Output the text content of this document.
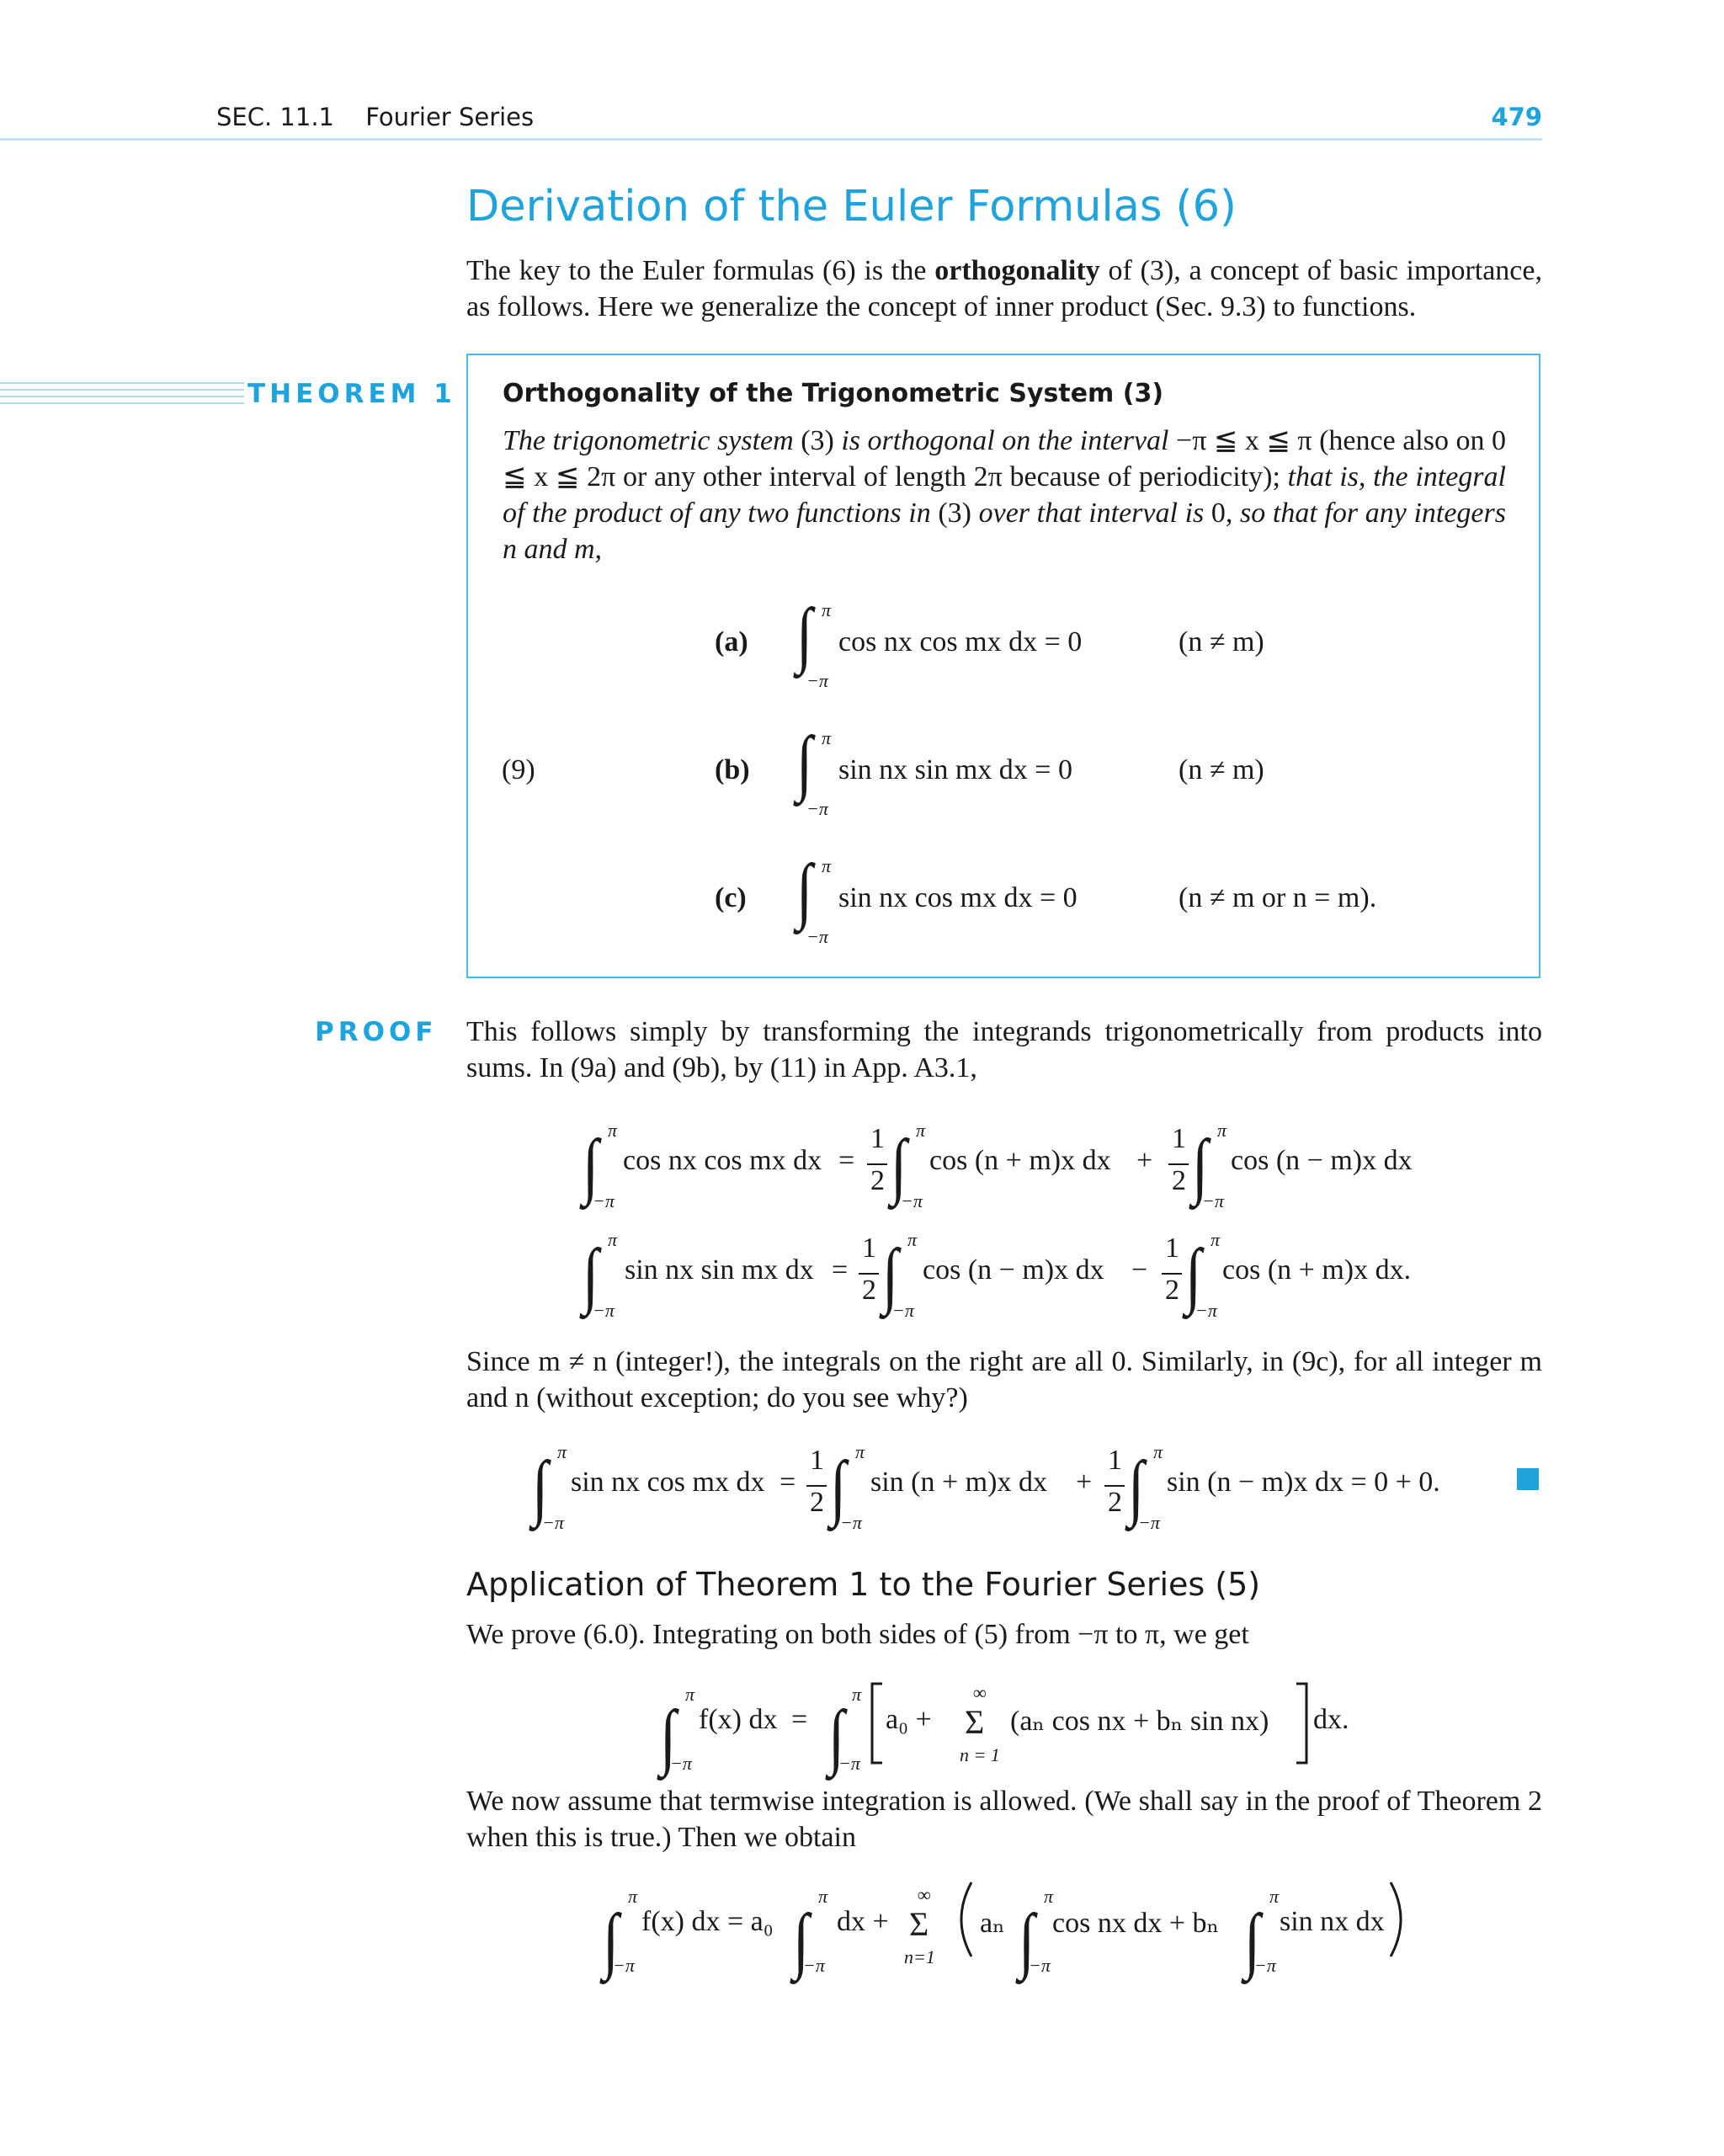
SEC. 11.1 Fourier Series	479
Derivation of the Euler Formulas (6)
The key to the Euler formulas (6) is the orthogonality of (3), a concept of basic importance, as follows. Here we generalize the concept of inner product (Sec. 9.3) to functions.
THEOREM 1 Orthogonality of the Trigonometric System (3)
The trigonometric system (3) is orthogonal on the interval −π ≦ x ≦ π (hence also on 0 ≦ x ≦ 2π or any other interval of length 2π because of periodicity); that is, the integral of the product of any two functions in (3) over that interval is 0, so that for any integers n and m,
(9)
(a) ∫ π
−π
cos nx cos mx dx = 0	(n ≠ m)
(b) ∫ π
−π
sin nx sin mx dx = 0	(n ≠ m)
(c) ∫ π
−π
sin nx cos mx dx = 0	(n ≠ m or n = m).
PROOF This follows simply by transforming the integrands trigonometrically from products into sums. In (9a) and (9b), by (11) in App. A3.1,
∫ π
−π
cos nx cos mx dx =
1
2 ∫ π
−π
cos (n + m)x dx +
1
2 ∫ π
−π
cos (n − m)x dx
∫ π
−π
sin nx sin mx dx =
1
2 ∫ π
−π
cos (n − m)x dx −
1
2 ∫ π
−π
cos (n + m)x dx.
Since m ≠ n (integer!), the integrals on the right are all 0. Similarly, in (9c), for all integer m and n (without exception; do you see why?)
∫ π
−π
sin nx cos mx dx =
1
2 ∫ π
−π
sin (n + m)x dx +
1
2 ∫ π
−π
sin (n − m)x dx = 0 + 0.
Application of Theorem 1 to the Fourier Series (5)
We prove (6.0). Integrating on both sides of (5) from −π to π, we get
∫
π
−π
f(x) dx = ∫
π
−π
a₀ +
∞
Σ
n = 1
(aₙ cos nx + bₙ sin nx) dx.
We now assume that termwise integration is allowed. (We shall say in the proof of Theorem 2 when this is true.) Then we obtain
∫
π
−π
f(x) dx = a₀ ∫
π
−π
dx +
∞
Σ
n=1
aₙ ∫
π
−π
cos nx dx + bₙ ∫
π
−π
sin nx dx
